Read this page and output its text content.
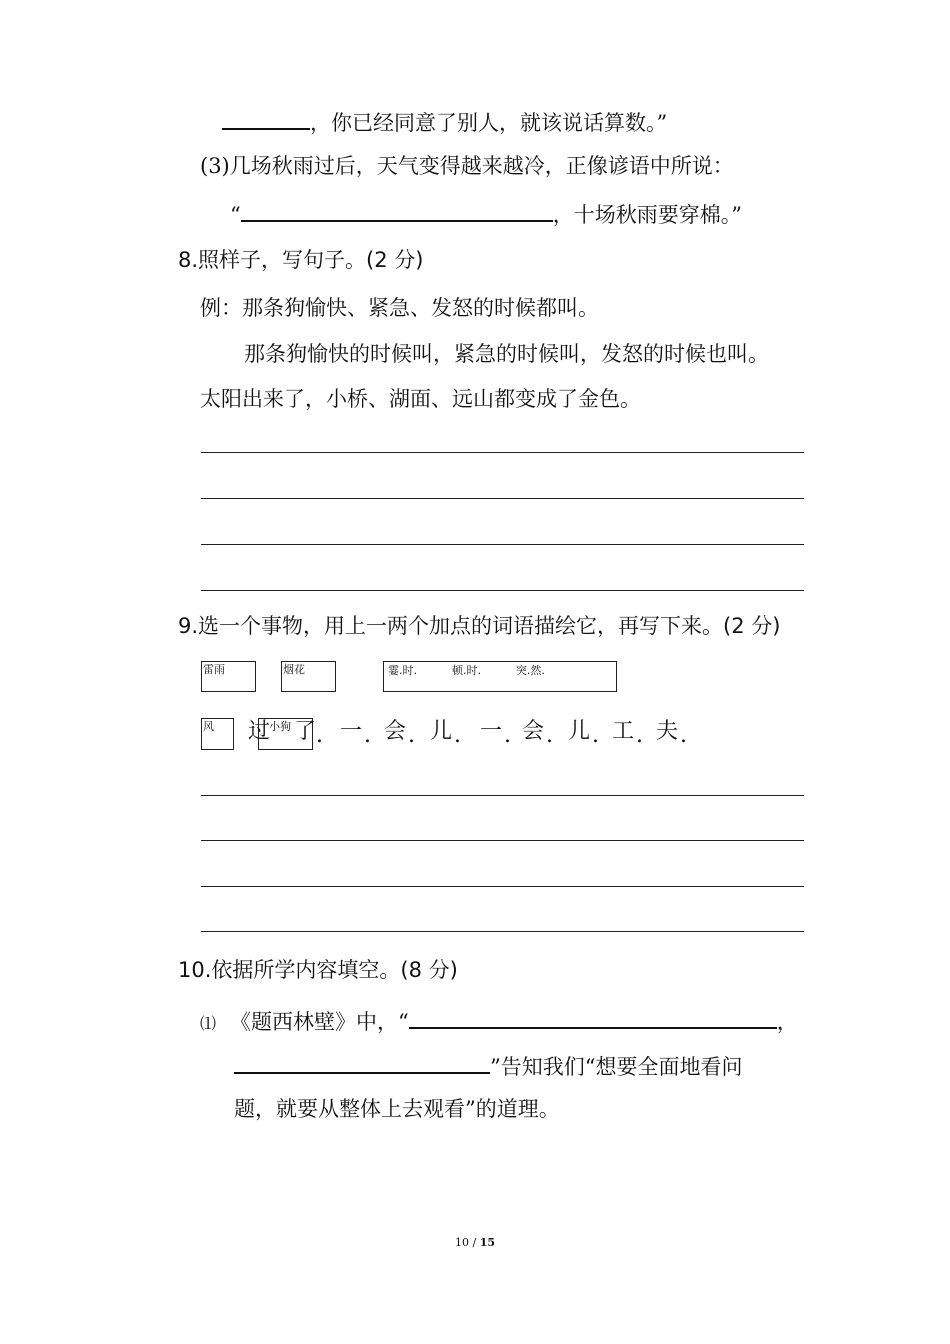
，你已经同意了别人，就该说话算数。”
(3)几场秋雨过后，天气变得越来越冷，正像谚语中所说：
“	，十场秋雨要穿棉。”
8.照样子，写句子。(2 分)
例：那条狗愉快、紧急、发怒的时候都叫。
那条狗愉快的时候叫，紧急的时候叫，发怒的时候也叫。
太阳出来了，小桥、湖面、远山都变成了金色。
9.选一个事物，用上一两个加点的词语描绘它，再写下来。(2 分)
雷雨	烟花	霎.时.          顿.时.          突.然.
风	小狗
过 了 . 一 . 会 . 儿 . 一 . 会 . 儿 . 工 . 夫 .
10.依据所学内容填空。(8 分)
⑴ 《题西林壁》中，“	，
”告知我们“想要全面地看问
题，就要从整体上去观看”的道理。
10 / 15
